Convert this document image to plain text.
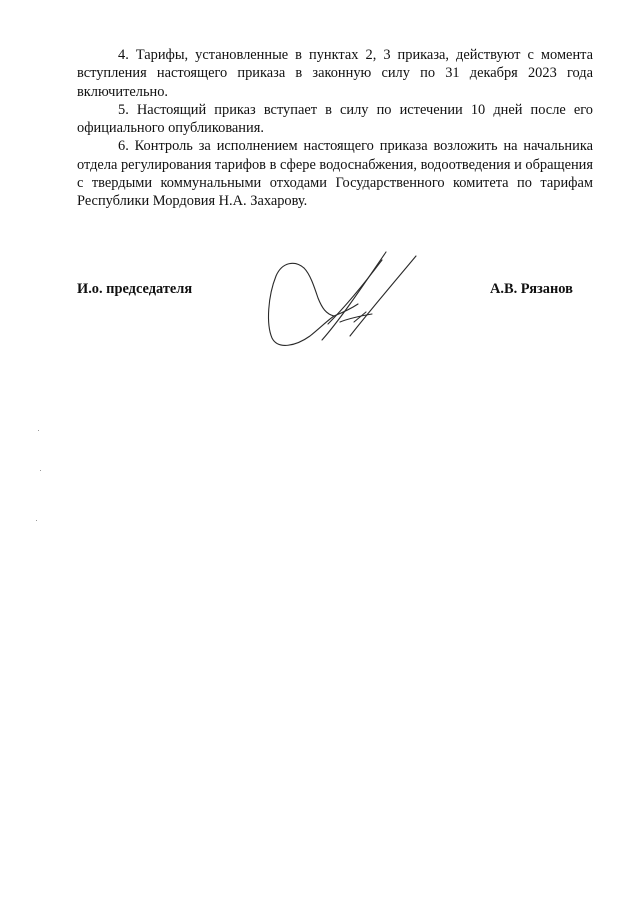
4. Тарифы, установленные в пунктах 2, 3 приказа, действуют с момента вступления настоящего приказа в законную силу по 31 декабря 2023 года включительно.

5. Настоящий приказ вступает в силу по истечении 10 дней после его официального опубликования.

6. Контроль за исполнением настоящего приказа возложить на начальника отдела регулирования тарифов в сфере водоснабжения, водоотведения и обращения с твердыми коммунальными отходами Государственного комитета по тарифам Республики Мордовия Н.А. Захарову.

И.о. председателя	А.В. Рязанов
